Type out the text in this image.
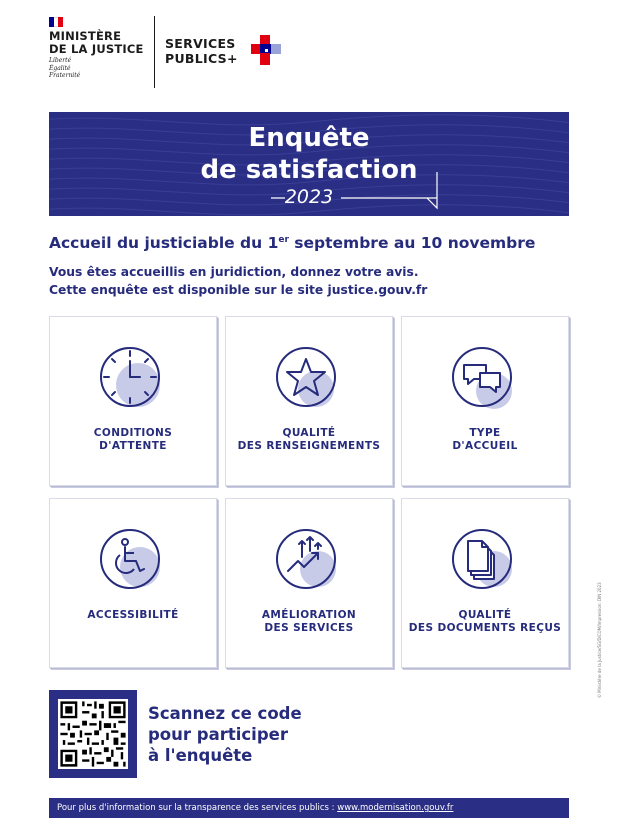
MINISTÈRE
DE LA JUSTICE
Liberté
Égalité
Fraternité
SERVICES
PUBLICS+
Enquête
de satisfaction
2023
Accueil du justiciable du 1er septembre au 10 novembre
Vous êtes accueillis en juridiction, donnez votre avis.
Cette enquête est disponible sur le site justice.gouv.fr
CONDITIONS
D'ATTENTE
QUALITÉ
DES RENSEIGNEMENTS
TYPE
D'ACCUEIL
ACCESSIBILITÉ	AMÉLIORATION
DES SERVICES
QUALITÉ
DES DOCUMENTS REÇUS
Scannez ce code
pour participer
à l'enquête
© Ministère de la Justice/SG/DICOM/Impression: DIN 2023
Pour plus d'information sur la transparence des services publics : www.modernisation.gouv.fr
